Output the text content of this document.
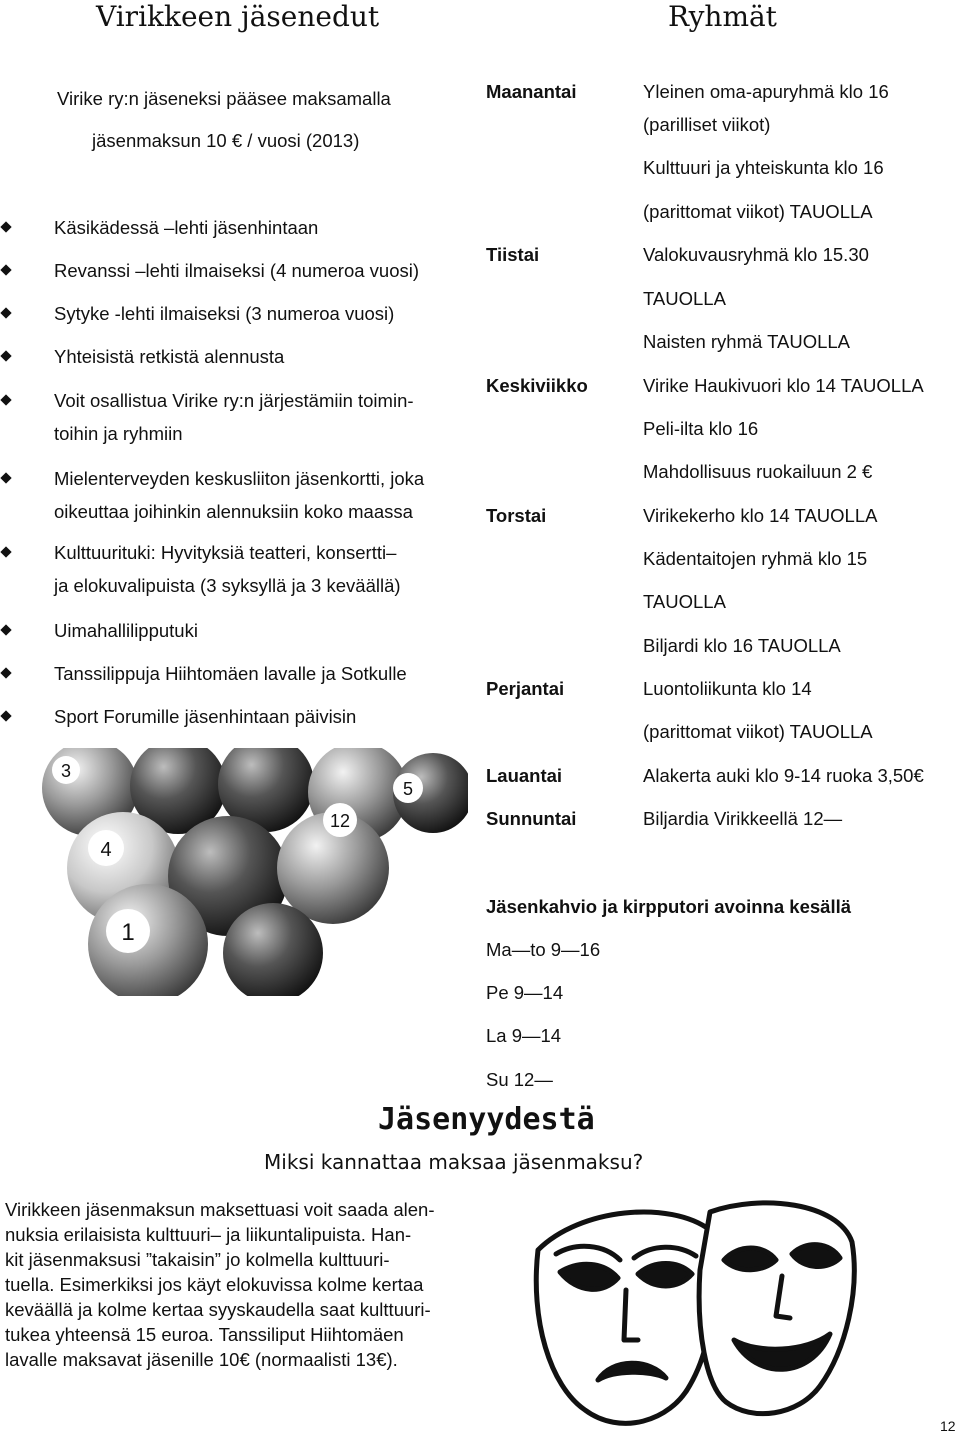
Virikkeen jäsenedut	Ryhmät
Virike ry:n jäseneksi pääsee maksamalla
jäsenmaksun 10 € / vuosi (2013)
Käsikädessä –lehti jäsenhintaan
Revanssi –lehti ilmaiseksi (4 numeroa vuosi)
Sytyke -lehti ilmaiseksi (3 numeroa vuosi)
Yhteisistä retkistä alennusta
Voit osallistua Virike ry:n järjestämiin toimin-
toihin ja ryhmiin
Mielenterveyden keskusliiton jäsenkortti, joka
oikeuttaa joihinkin alennuksiin koko maassa
Kulttuurituki: Hyvityksiä teatteri, konsertti–
ja elokuvalipuista (3 syksyllä ja 3 keväällä)
Uimahallilipputuki
Tanssilippuja Hiihtomäen lavalle ja Sotkulle
Sport Forumille jäsenhintaan päivisin
3
5
12
4
1
Maanantai
Tiistai
Keskiviikko
Torstai
Perjantai
Lauantai
Sunnuntai
Yleinen oma-apuryhmä klo 16
(parilliset viikot)
Kulttuuri ja yhteiskunta klo 16
(parittomat viikot) TAUOLLA
Valokuvausryhmä klo 15.30
TAUOLLA
Naisten ryhmä TAUOLLA
Virike Haukivuori klo 14 TAUOLLA
Peli-ilta klo 16
Mahdollisuus ruokailuun 2 €
Virikekerho klo 14 TAUOLLA
Kädentaitojen ryhmä klo 15
TAUOLLA
Biljardi klo 16 TAUOLLA
Luontoliikunta klo 14
(parittomat viikot) TAUOLLA
Alakerta auki klo 9-14 ruoka 3,50€
Biljardia Virikkeellä 12—
Jäsenkahvio ja kirpputori avoinna kesällä
Ma—to 9—16
Pe 9—14
La 9—14
Su 12—
Jäsenyydestä
Miksi kannattaa maksaa jäsenmaksu?
Virikkeen jäsenmaksun maksettuasi voit saada alen-
nuksia erilaisista kulttuuri– ja liikuntalipuista. Han-
kit jäsenmaksusi ”takaisin” jo kolmella kulttuuri-
tuella. Esimerkiksi jos käyt elokuvissa kolme kertaa
keväällä ja kolme kertaa syyskaudella saat kulttuuri-
tukea yhteensä 15 euroa. Tanssiliput Hiihtomäen
lavalle maksavat jäsenille 10€ (normaalisti 13€).
12
